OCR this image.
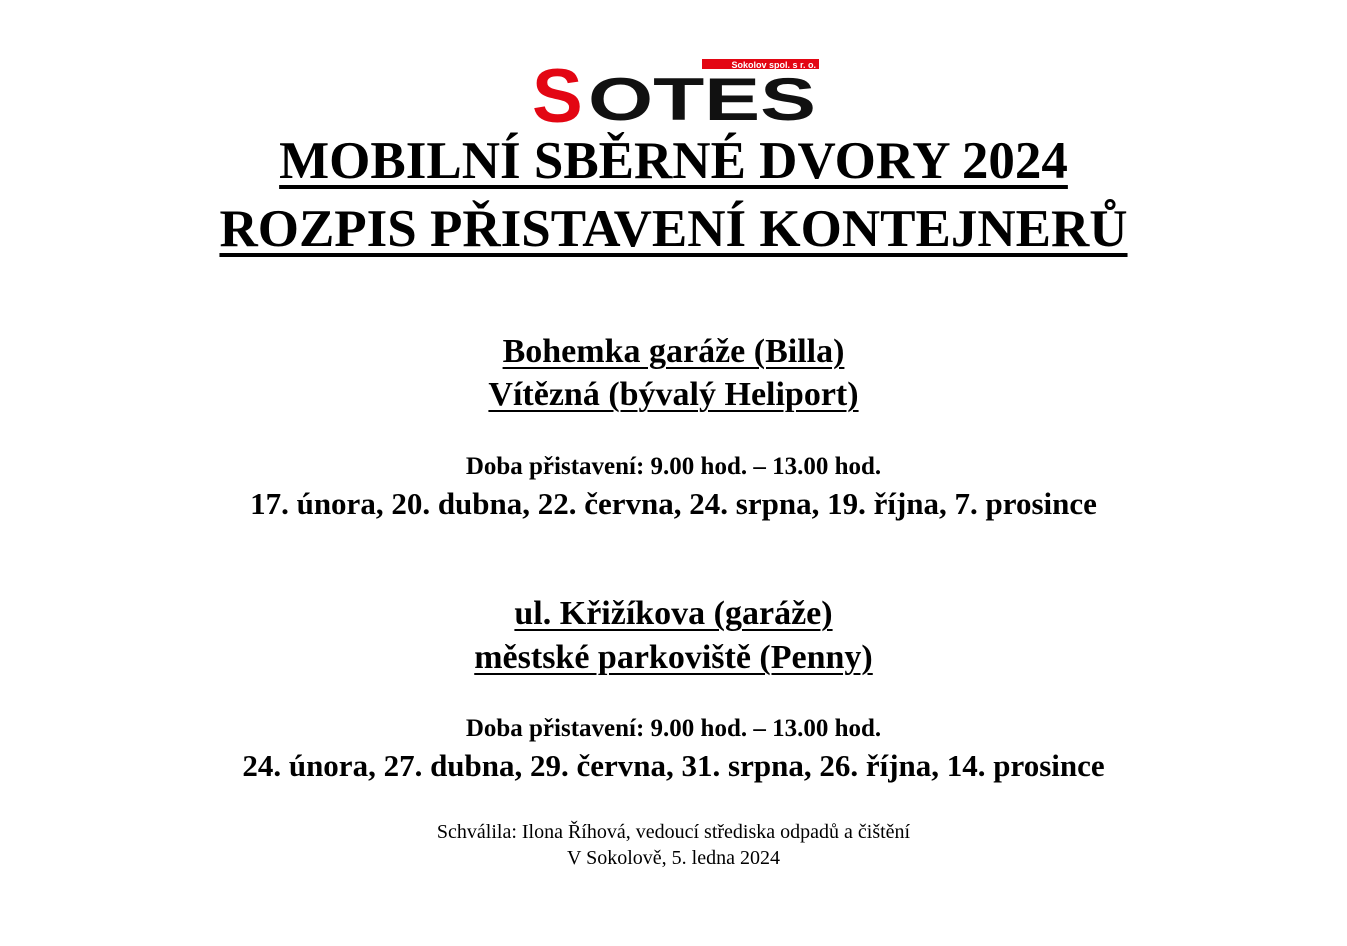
Sokolov spol. s r. o.
S OTES
MOBILNÍ SBĚRNÉ DVORY 2024
ROZPIS PŘISTAVENÍ KONTEJNERŮ
Bohemka garáže (Billa)
Vítězná (bývalý Heliport)
Doba přistavení: 9.00 hod. – 13.00 hod.
17. února, 20. dubna, 22. června, 24. srpna, 19. října, 7. prosince
ul. Křižíkova (garáže)
městské parkoviště (Penny)
Doba přistavení: 9.00 hod. – 13.00 hod.
24. února, 27. dubna, 29. června, 31. srpna, 26. října, 14. prosince
Schválila: Ilona Říhová, vedoucí střediska odpadů a čištění
V Sokolově, 5. ledna 2024
